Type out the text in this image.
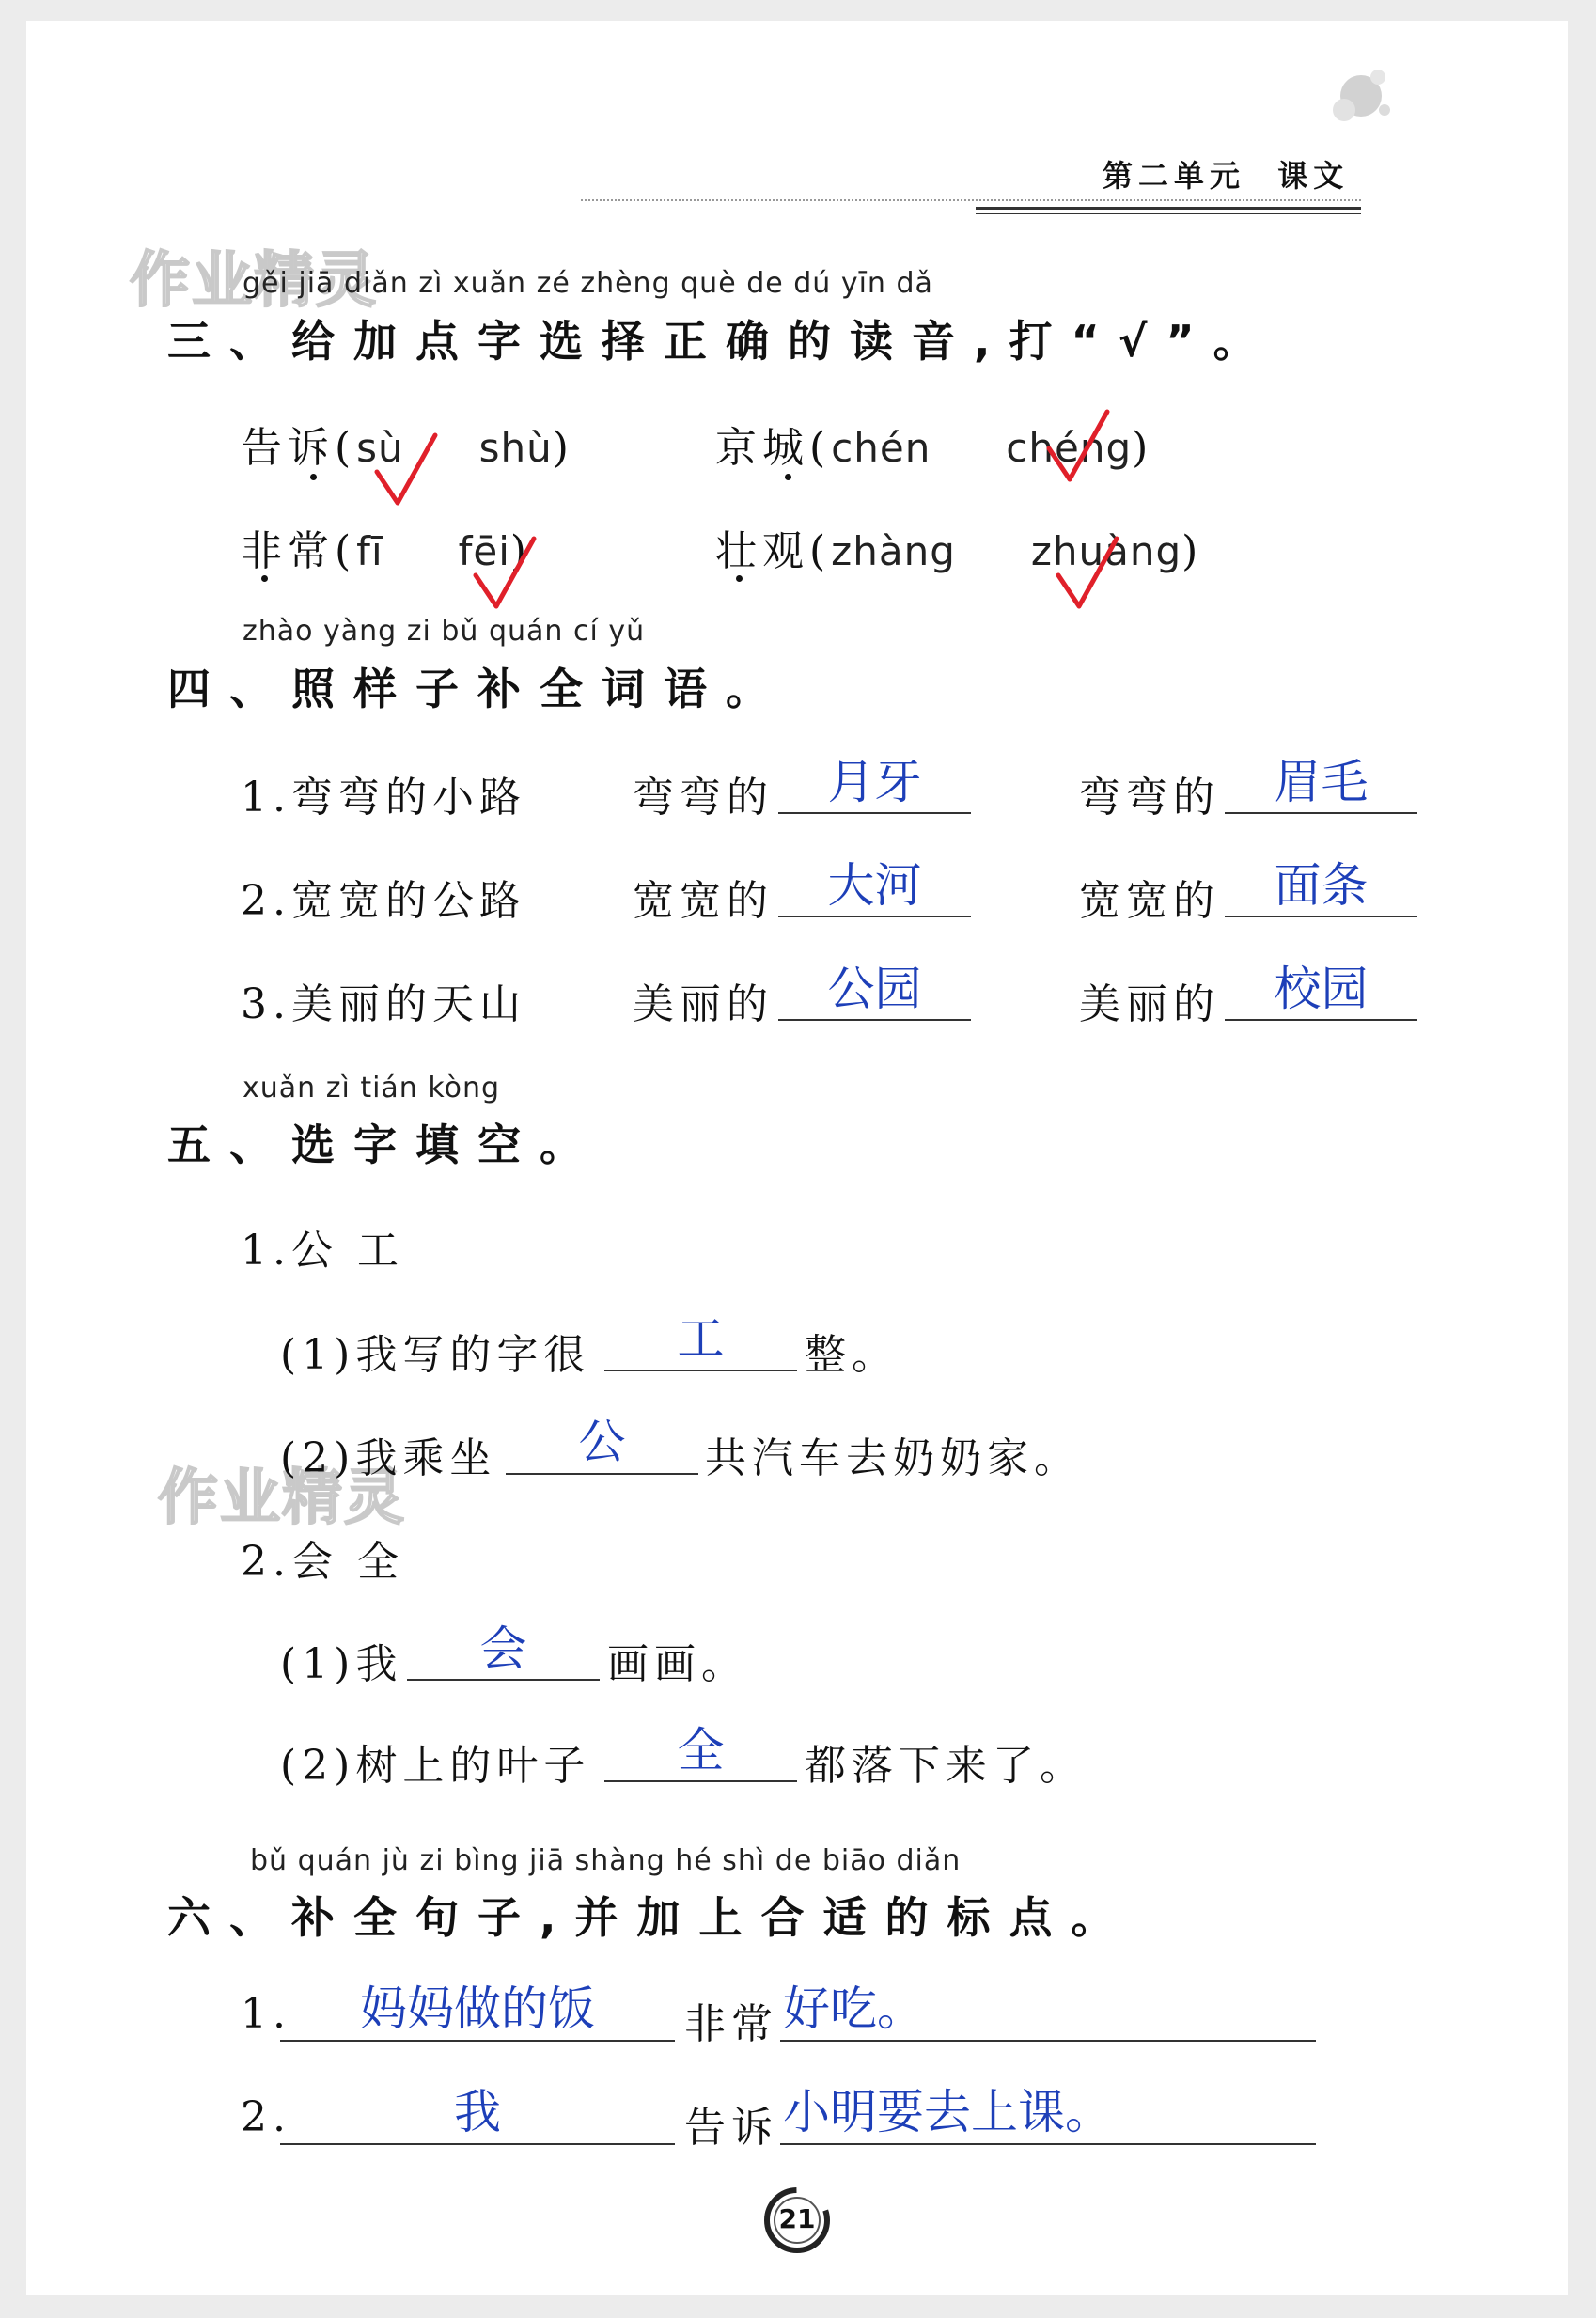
第二单元 课文
作业精灵
作业精灵
gěi jiā diǎn zì xuǎn zé zhèng què de dú yīn dǎ
三、给加点字选择正确的读音,打“√”。
告诉(sù shù)	京城(chén chéng)
非常(fī fēi)	壮观(zhàng zhuàng)
zhào yàng zi bǔ quán cí yǔ
四、照样子补全词语。
1.弯弯的小路	弯弯的	月牙	弯弯的	眉毛
2.宽宽的公路	宽宽的	大河	宽宽的	面条
3.美丽的天山	美丽的	公园	美丽的	校园
xuǎn zì tián kòng
五、选字填空。
1.公 工
(1)我写的字很	工	整。
(2)我乘坐	公	共汽车去奶奶家。
2.会 全
(1)我	会	画画。
(2)树上的叶子	全	都落下来了。
bǔ quán jù zi bìng jiā shàng hé shì de biāo diǎn
六、补全句子,并加上合适的标点。
1.	妈妈做的饭	非常 好吃。
2.	我	告诉 小明要去上课。
21
